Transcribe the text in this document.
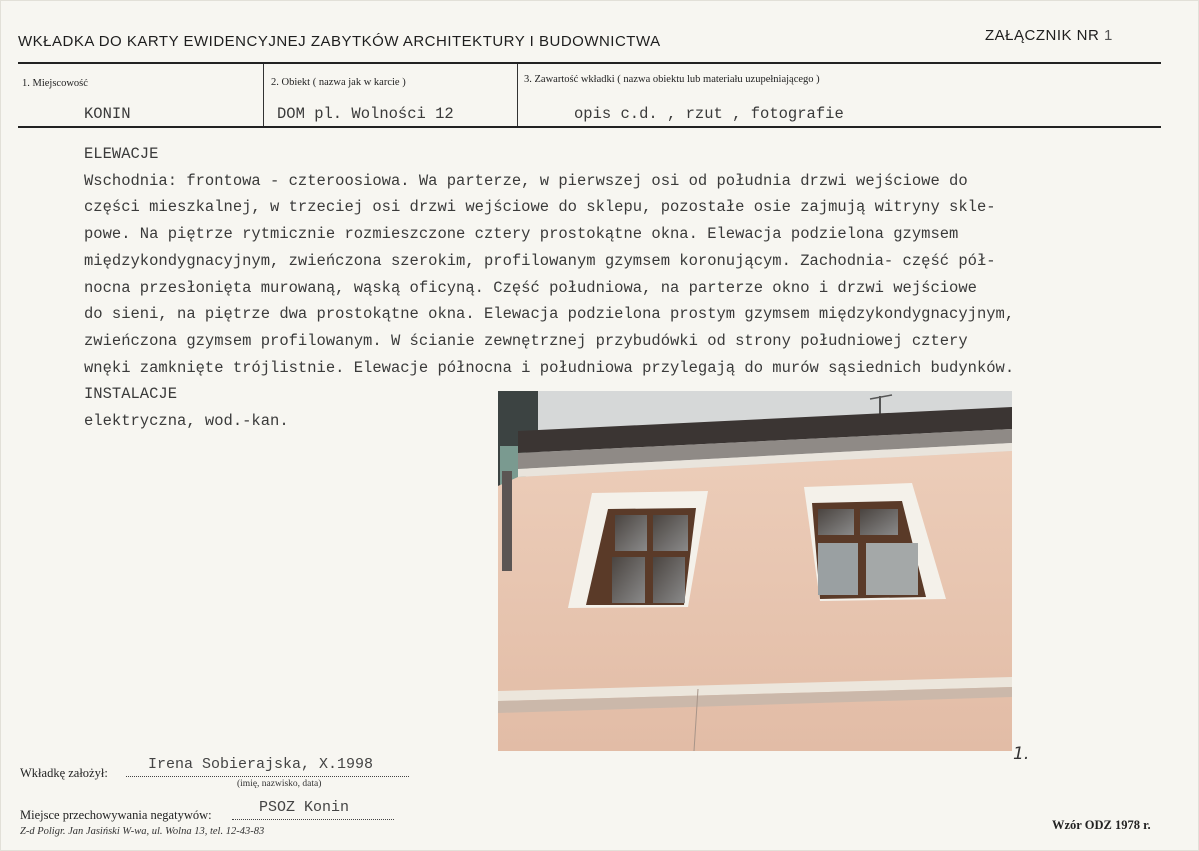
WKŁADKA DO KARTY EWIDENCYJNEJ ZABYTKÓW ARCHITEKTURY I BUDOWNICTWA	ZAŁĄCZNIK NR 1
1. Miejscowość
KONIN
2. Obiekt ( nazwa jak w karcie )
DOM pl. Wolności 12
3. Zawartość wkładki ( nazwa obiektu lub materiału uzupełniającego )
opis c.d. , rzut , fotografie
ELEWACJE
Wschodnia: frontowa - czteroosiowa. Wa parterze, w pierwszej osi od południa drzwi wejściowe do
części mieszkalnej, w trzeciej osi drzwi wejściowe do sklepu, pozostałe osie zajmują witryny skle-
powe. Na piętrze rytmicznie rozmieszczone cztery prostokątne okna. Elewacja podzielona gzymsem
międzykondygnacyjnym, zwieńczona szerokim, profilowanym gzymsem koronującym. Zachodnia- część pół-
nocna przesłonięta murowaną, wąską oficyną. Część południowa, na parterze okno i drzwi wejściowe
do sieni, na piętrze dwa prostokątne okna. Elewacja podzielona prostym gzymsem międzykondygnacyjnym,
zwieńczona gzymsem profilowanym. W ścianie zewnętrznej przybudówki od strony południowej cztery
wnęki zamknięte trójlistnie. Elewacje północna i południowa przylegają do murów sąsiednich budynków.
INSTALACJE
elektryczna, wod.-kan.
1.
Wkładkę założył:	Irena Sobierajska, X.1998
(imię, nazwisko, data)
Miejsce przechowywania negatywów:	PSOZ Konin
Z-d Poligr. Jan Jasiński W-wa, ul. Wolna 13, tel. 12-43-83	Wzór ODZ 1978 r.
